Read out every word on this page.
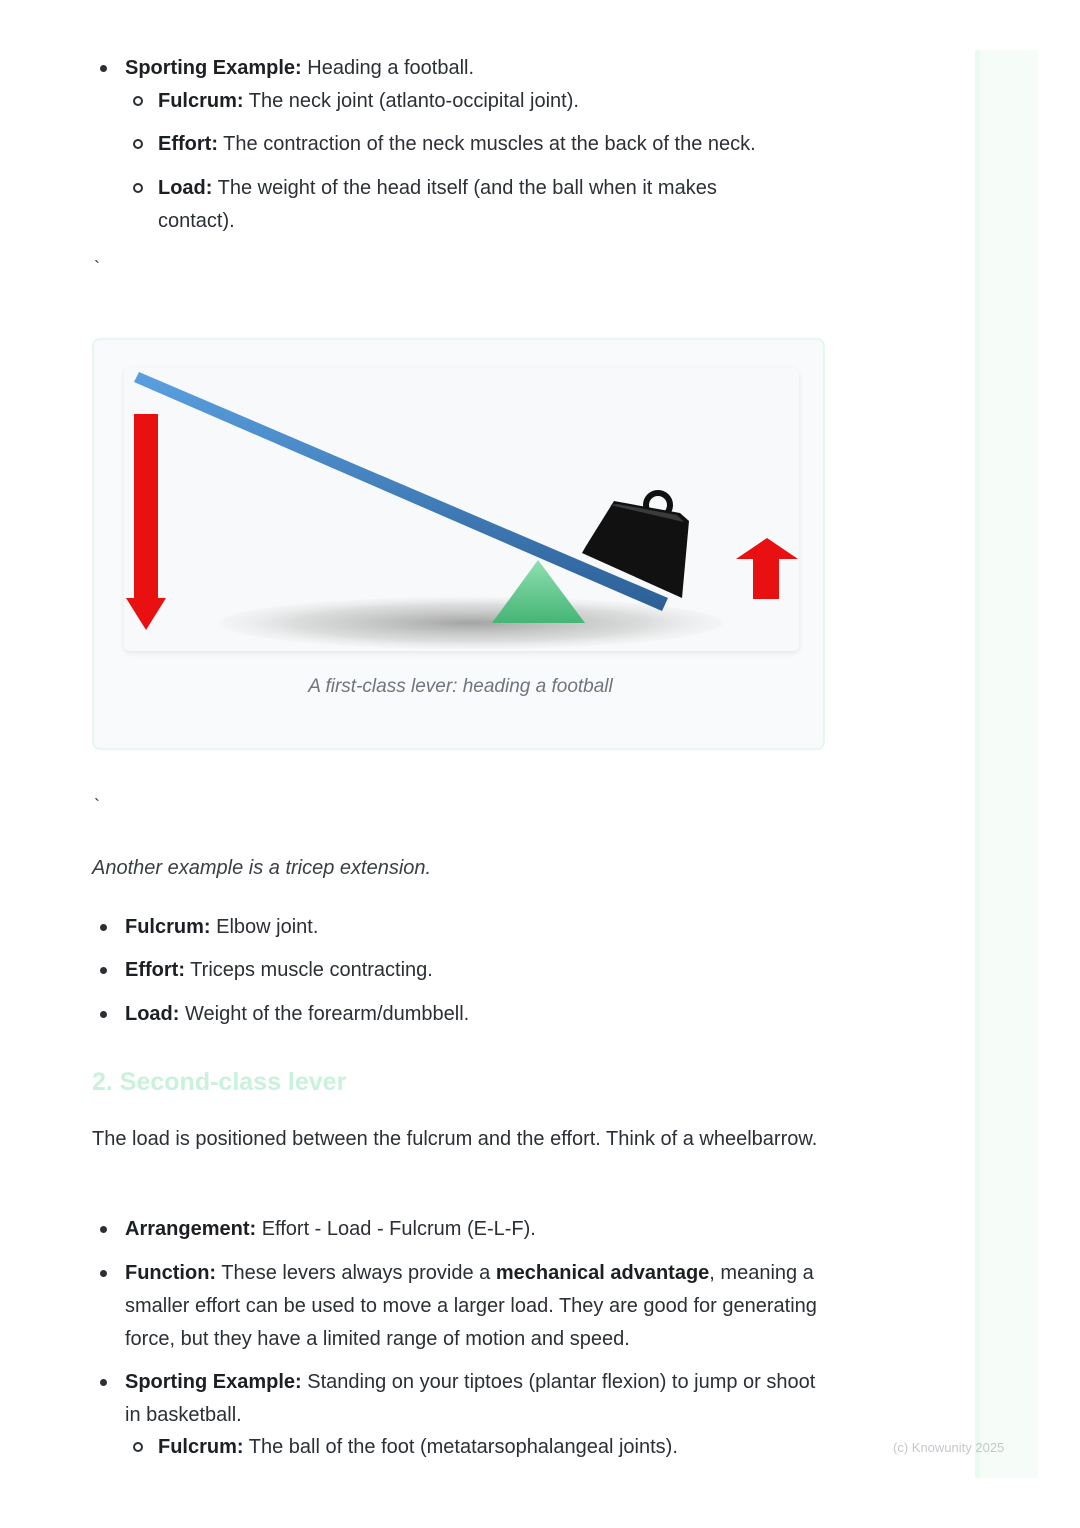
Sporting Example: Heading a football.
Fulcrum: The neck joint (atlanto-occipital joint).
Effort: The contraction of the neck muscles at the back of the neck.
Load: The weight of the head itself (and the ball when it makes contact).
`
A first-class lever: heading a football
`
Another example is a tricep extension.
Fulcrum: Elbow joint.
Effort: Triceps muscle contracting.
Load: Weight of the forearm/dumbbell.
2. Second-class lever
The load is positioned between the fulcrum and the effort. Think of a wheelbarrow.
Arrangement: Effort - Load - Fulcrum (E-L-F).
Function: These levers always provide a mechanical advantage, meaning a smaller effort can be used to move a larger load. They are good for generating force, but they have a limited range of motion and speed.
Sporting Example: Standing on your tiptoes (plantar flexion) to jump or shoot in basketball.
Fulcrum: The ball of the foot (metatarsophalangeal joints).	(c) Knowunity 2025
